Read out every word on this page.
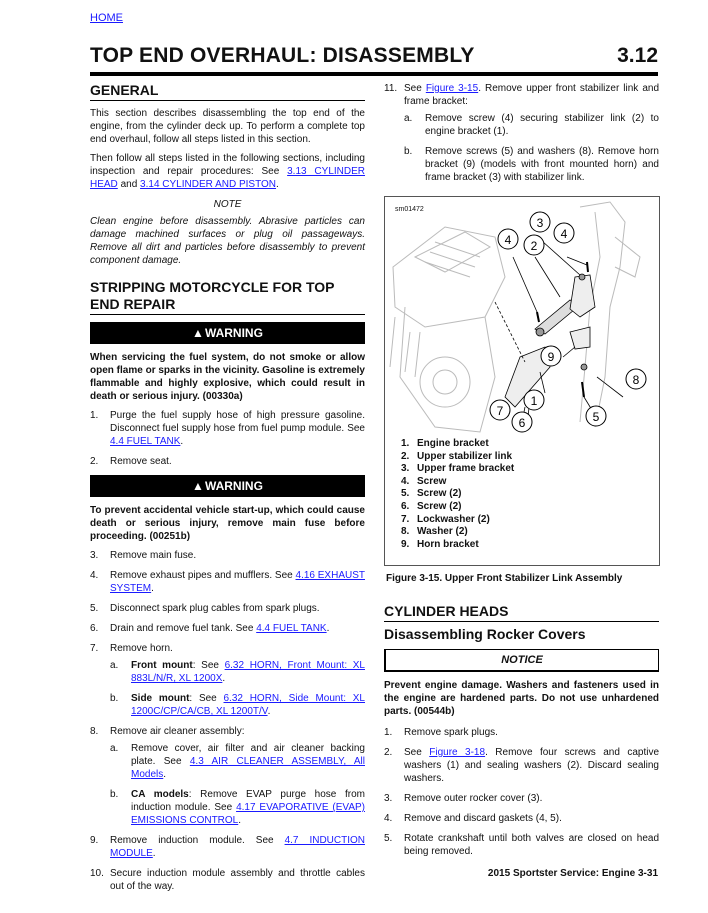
HOME
TOP END OVERHAUL: DISASSEMBLY	3.12
GENERAL

This section describes disassembling the top end of the engine, from the cylinder deck up. To perform a complete top end overhaul, follow all steps listed in this section.

Then follow all steps listed in the following sections, including inspection and repair procedures: See 3.13 CYLINDER HEAD and 3.14 CYLINDER AND PISTON.

NOTE

Clean engine before disassembly. Abrasive particles can damage machined surfaces or plug oil passageways. Remove all dirt and particles before disassembly to prevent component damage.

STRIPPING MOTORCYCLE FOR TOP END REPAIR
▲WARNING

When servicing the fuel system, do not smoke or allow open flame or sparks in the vicinity. Gasoline is extremely flammable and highly explosive, which could result in death or serious injury. (00330a)

1. Purge the fuel supply hose of high pressure gasoline. Disconnect fuel supply hose from fuel pump module. See 4.4 FUEL TANK.
2. Remove seat.
▲WARNING

To prevent accidental vehicle start-up, which could cause death or serious injury, remove main fuse before proceeding. (00251b)

3. Remove main fuse.
4. Remove exhaust pipes and mufflers. See 4.16 EXHAUST SYSTEM.
5. Disconnect spark plug cables from spark plugs.
6. Drain and remove fuel tank. See 4.4 FUEL TANK.
7. Remove horn.
a. Front mount: See 6.32 HORN, Front Mount: XL 883L/N/R, XL 1200X.
b. Side mount: See 6.32 HORN, Side Mount: XL 1200C/CP/CA/CB, XL 1200T/V.
8. Remove air cleaner assembly:
a. Remove cover, air filter and air cleaner backing plate. See 4.3 AIR CLEANER ASSEMBLY, All Models.
b. CA models: Remove EVAP purge hose from induction module. See 4.17 EVAPORATIVE (EVAP) EMISSIONS CONTROL.
9. Remove induction module. See 4.7 INDUCTION MODULE.
10. Secure induction module assembly and throttle cables out of the way.
11. See Figure 3-15. Remove upper front stabilizer link and frame bracket:
a. Remove screw (4) securing stabilizer link (2) to engine bracket (1).
b. Remove screws (5) and washers (8). Remove horn bracket (9) (models with front mounted horn) and frame bracket (3) with stabilizer link.
sm01472
4 2
3
4
9
8
1
7
6	5
1. Engine bracket
2. Upper stabilizer link
3. Upper frame bracket
4. Screw
5. Screw (2)
6. Screw (2)
7. Lockwasher (2)
8. Washer (2)
9. Horn bracket
Figure 3-15. Upper Front Stabilizer Link Assembly
CYLINDER HEADS
Disassembling Rocker Covers
NOTICE

Prevent engine damage. Washers and fasteners used in the engine are hardened parts. Do not use unhardened parts. (00544b)

1. Remove spark plugs.
2. See Figure 3-18. Remove four screws and captive washers (1) and sealing washers (2). Discard sealing washers.
3. Remove outer rocker cover (3).
4. Remove and discard gaskets (4, 5).
5. Rotate crankshaft until both valves are closed on head being removed.
2015 Sportster Service: Engine 3-31
